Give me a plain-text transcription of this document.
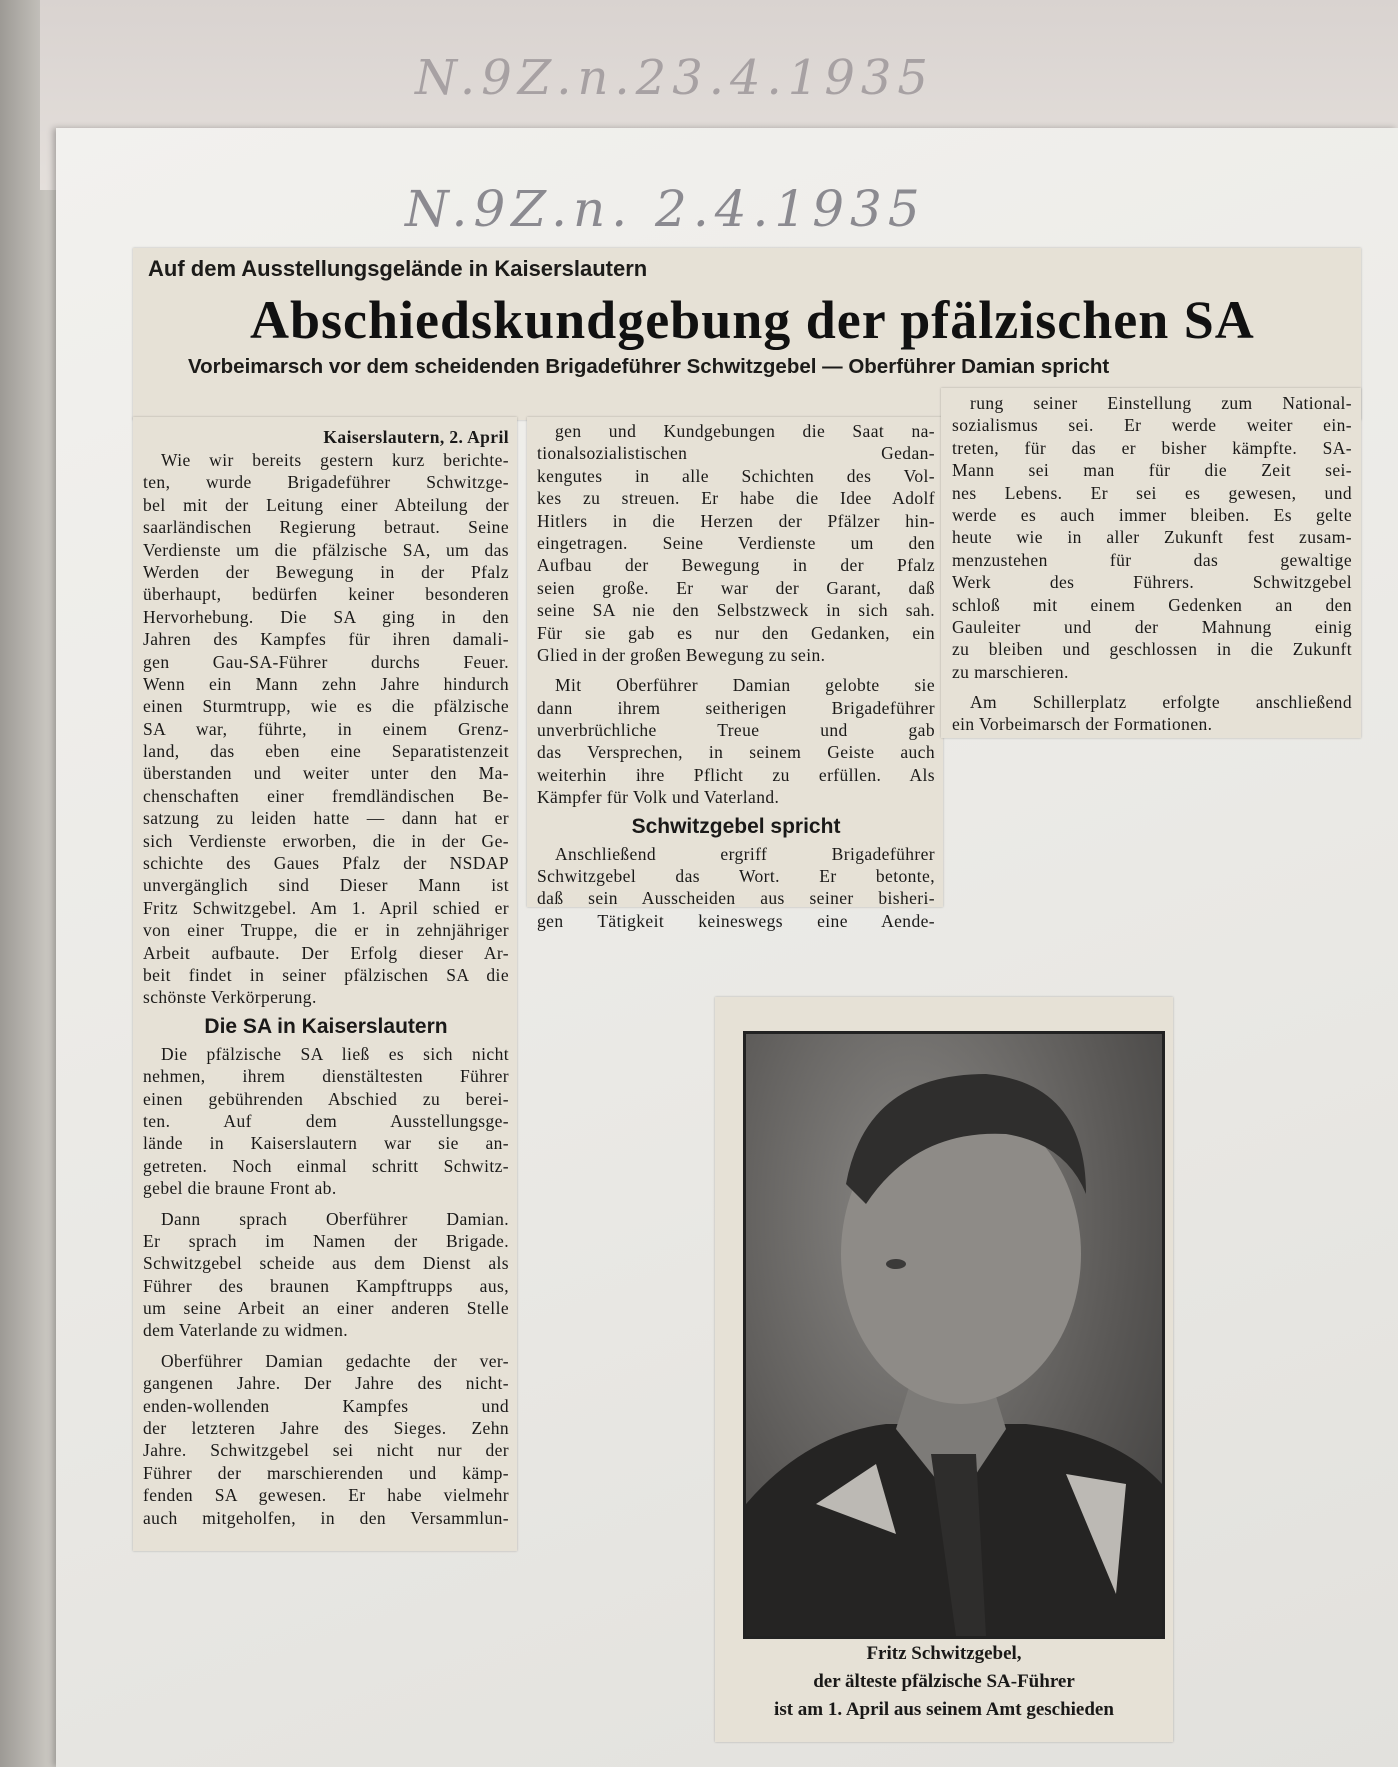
N.9Z.n.23.4.1935
N.9Z.n. 2.4.1935
Auf dem Ausstellungsgelände in Kaiserslautern
Abschiedskundgebung der pfälzischen SA
Vorbeimarsch vor dem scheidenden Brigadeführer Schwitzgebel — Oberführer Damian spricht
Kaiserslautern, 2. April
Wie wir bereits gestern kurz berichte-
ten, wurde Brigadeführer Schwitzge-
bel mit der Leitung einer Abteilung der
saarländischen Regierung betraut. Seine
Verdienste um die pfälzische SA, um das
Werden der Bewegung in der Pfalz
überhaupt, bedürfen keiner besonderen
Hervorhebung. Die SA ging in den
Jahren des Kampfes für ihren damali-
gen Gau-SA-Führer durchs Feuer.
Wenn ein Mann zehn Jahre hindurch
einen Sturmtrupp, wie es die pfälzische
SA war, führte, in einem Grenz-
land, das eben eine Separatistenzeit
überstanden und weiter unter den Ma-
chenschaften einer fremdländischen Be-
satzung zu leiden hatte — dann hat er
sich Verdienste erworben, die in der Ge-
schichte des Gaues Pfalz der NSDAP
unvergänglich sind Dieser Mann ist
Fritz Schwitzgebel. Am 1. April schied er
von einer Truppe, die er in zehnjähriger
Arbeit aufbaute. Der Erfolg dieser Ar-
beit findet in seiner pfälzischen SA die
schönste Verkörperung.
Die SA in Kaiserslautern
Die pfälzische SA ließ es sich nicht
nehmen, ihrem dienstältesten Führer
einen gebührenden Abschied zu berei-
ten. Auf dem Ausstellungsge-
lände in Kaiserslautern war sie an-
getreten. Noch einmal schritt Schwitz-
gebel die braune Front ab.
Dann sprach Oberführer Damian.
Er sprach im Namen der Brigade.
Schwitzgebel scheide aus dem Dienst als
Führer des braunen Kampftrupps aus,
um seine Arbeit an einer anderen Stelle
dem Vaterlande zu widmen.
Oberführer Damian gedachte der ver-
gangenen Jahre. Der Jahre des nicht-
enden-wollenden Kampfes und
der letzteren Jahre des Sieges. Zehn
Jahre. Schwitzgebel sei nicht nur der
Führer der marschierenden und kämp-
fenden SA gewesen. Er habe vielmehr
auch mitgeholfen, in den Versammlun-
gen und Kundgebungen die Saat na-
tionalsozialistischen Gedan-
kengutes in alle Schichten des Vol-
kes zu streuen. Er habe die Idee Adolf
Hitlers in die Herzen der Pfälzer hin-
eingetragen. Seine Verdienste um den
Aufbau der Bewegung in der Pfalz
seien große. Er war der Garant, daß
seine SA nie den Selbstzweck in sich sah.
Für sie gab es nur den Gedanken, ein
Glied in der großen Bewegung zu sein.
Mit Oberführer Damian gelobte sie
dann ihrem seitherigen Brigadeführer
unverbrüchliche Treue und gab
das Versprechen, in seinem Geiste auch
weiterhin ihre Pflicht zu erfüllen. Als
Kämpfer für Volk und Vaterland.
Schwitzgebel spricht
Anschließend ergriff Brigadeführer
Schwitzgebel das Wort. Er betonte,
daß sein Ausscheiden aus seiner bisheri-
gen Tätigkeit keineswegs eine Aende-
rung seiner Einstellung zum National-
sozialismus sei. Er werde weiter ein-
treten, für das er bisher kämpfte. SA-
Mann sei man für die Zeit sei-
nes Lebens. Er sei es gewesen, und
werde es auch immer bleiben. Es gelte
heute wie in aller Zukunft fest zusam-
menzustehen für das gewaltige
Werk des Führers. Schwitzgebel
schloß mit einem Gedenken an den
Gauleiter und der Mahnung einig
zu bleiben und geschlossen in die Zukunft
zu marschieren.
Am Schillerplatz erfolgte anschließend
ein Vorbeimarsch der Formationen.
Fritz Schwitzgebel,
der älteste pfälzische SA-Führer
ist am 1. April aus seinem Amt geschieden
